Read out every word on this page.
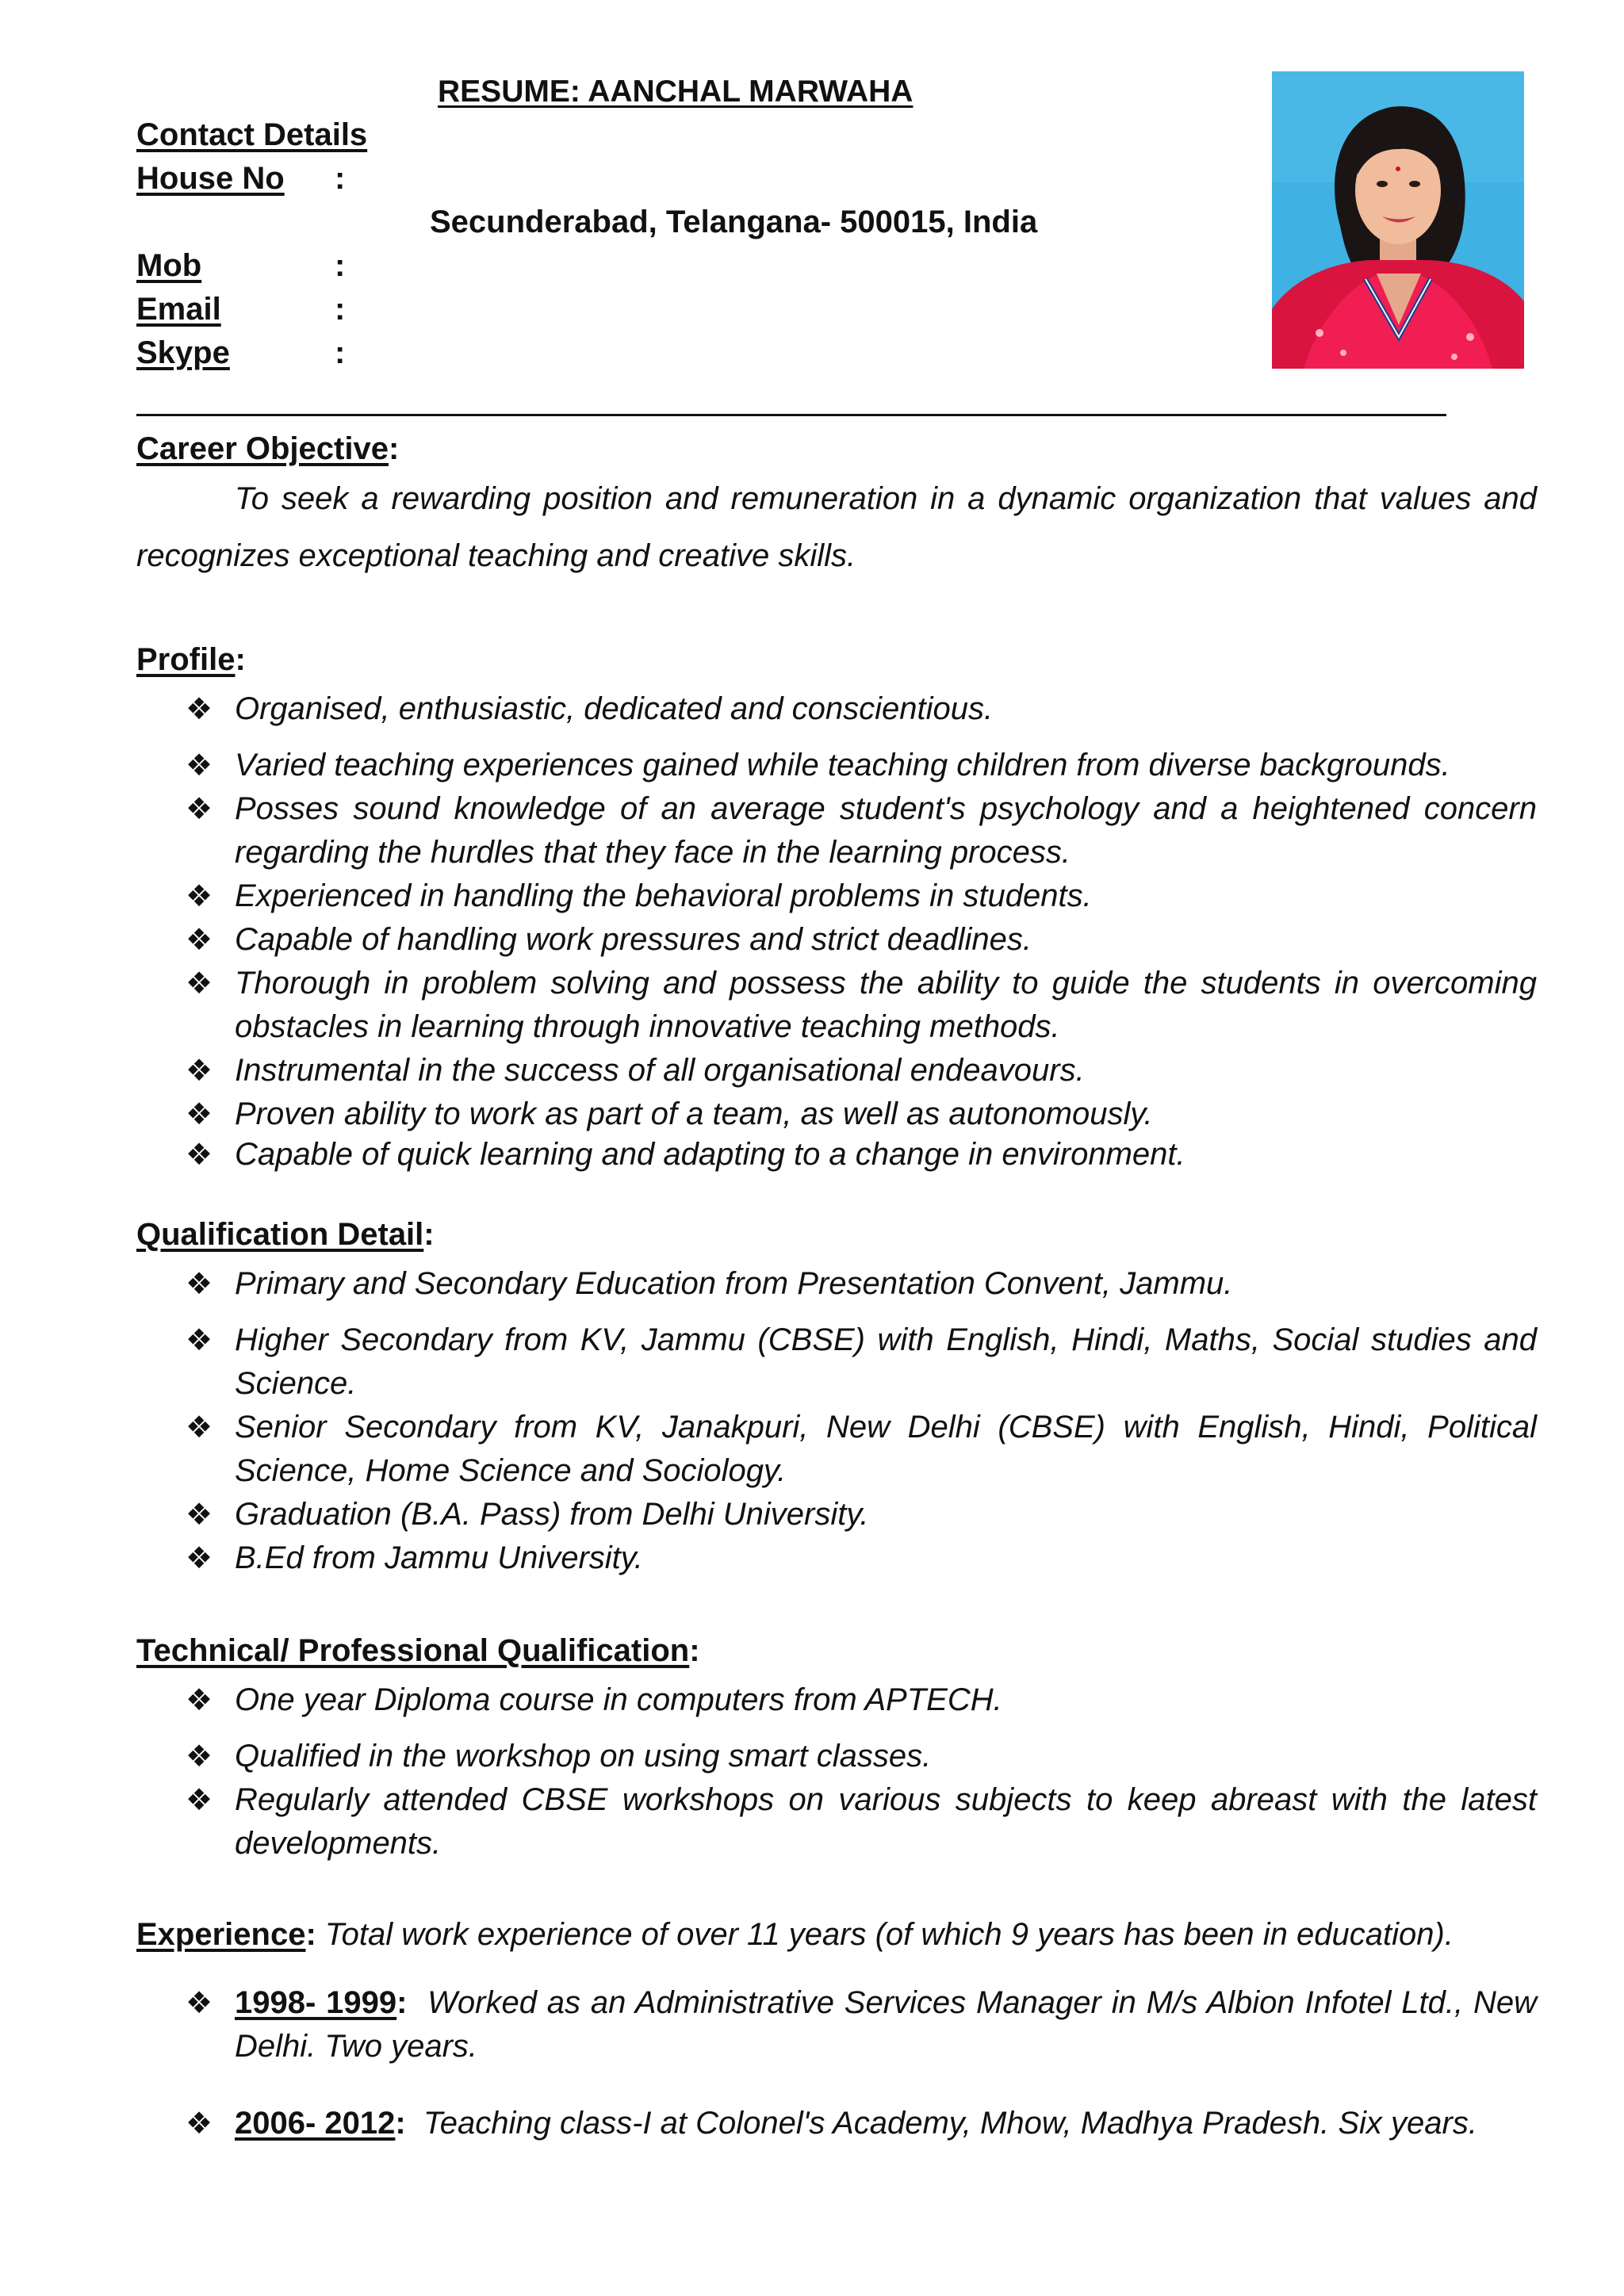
RESUME: AANCHAL MARWAHA
Contact Details
House No :
Secunderabad, Telangana- 500015, India
Mob	:
Email	:
Skype	:
Career Objective:
To seek a rewarding position and remuneration in a dynamic organization that values and recognizes exceptional teaching and creative skills.
Profile:
❖ Organised, enthusiastic, dedicated and conscientious.
❖ Varied teaching experiences gained while teaching children from diverse backgrounds.
❖ Posses sound knowledge of an average student's psychology and a heightened concern regarding the hurdles that they face in the learning process.
❖ Experienced in handling the behavioral problems in students.
❖ Capable of handling work pressures and strict deadlines.
❖ Thorough in problem solving and possess the ability to guide the students in overcoming obstacles in learning through innovative teaching methods.
❖ Instrumental in the success of all organisational endeavours.
❖ Proven ability to work as part of a team, as well as autonomously.
❖ Capable of quick learning and adapting to a change in environment.
Qualification Detail:
❖ Primary and Secondary Education from Presentation Convent, Jammu.
❖ Higher Secondary from KV, Jammu (CBSE) with English, Hindi, Maths, Social studies and Science.
❖ Senior Secondary from KV, Janakpuri, New Delhi (CBSE) with English, Hindi, Political Science, Home Science and Sociology.
❖ Graduation (B.A. Pass) from Delhi University.
❖ B.Ed from Jammu University.
Technical/ Professional Qualification:
❖ One year Diploma course in computers from APTECH.
❖ Qualified in the workshop on using smart classes.
❖ Regularly attended CBSE workshops on various subjects to keep abreast with the latest developments.
Experience: Total work experience of over 11 years (of which 9 years has been in education).
❖ 1998- 1999: Worked as an Administrative Services Manager in M/s Albion Infotel Ltd., New Delhi. Two years.
❖ 2006- 2012: Teaching class-I at Colonel's Academy, Mhow, Madhya Pradesh. Six years.
